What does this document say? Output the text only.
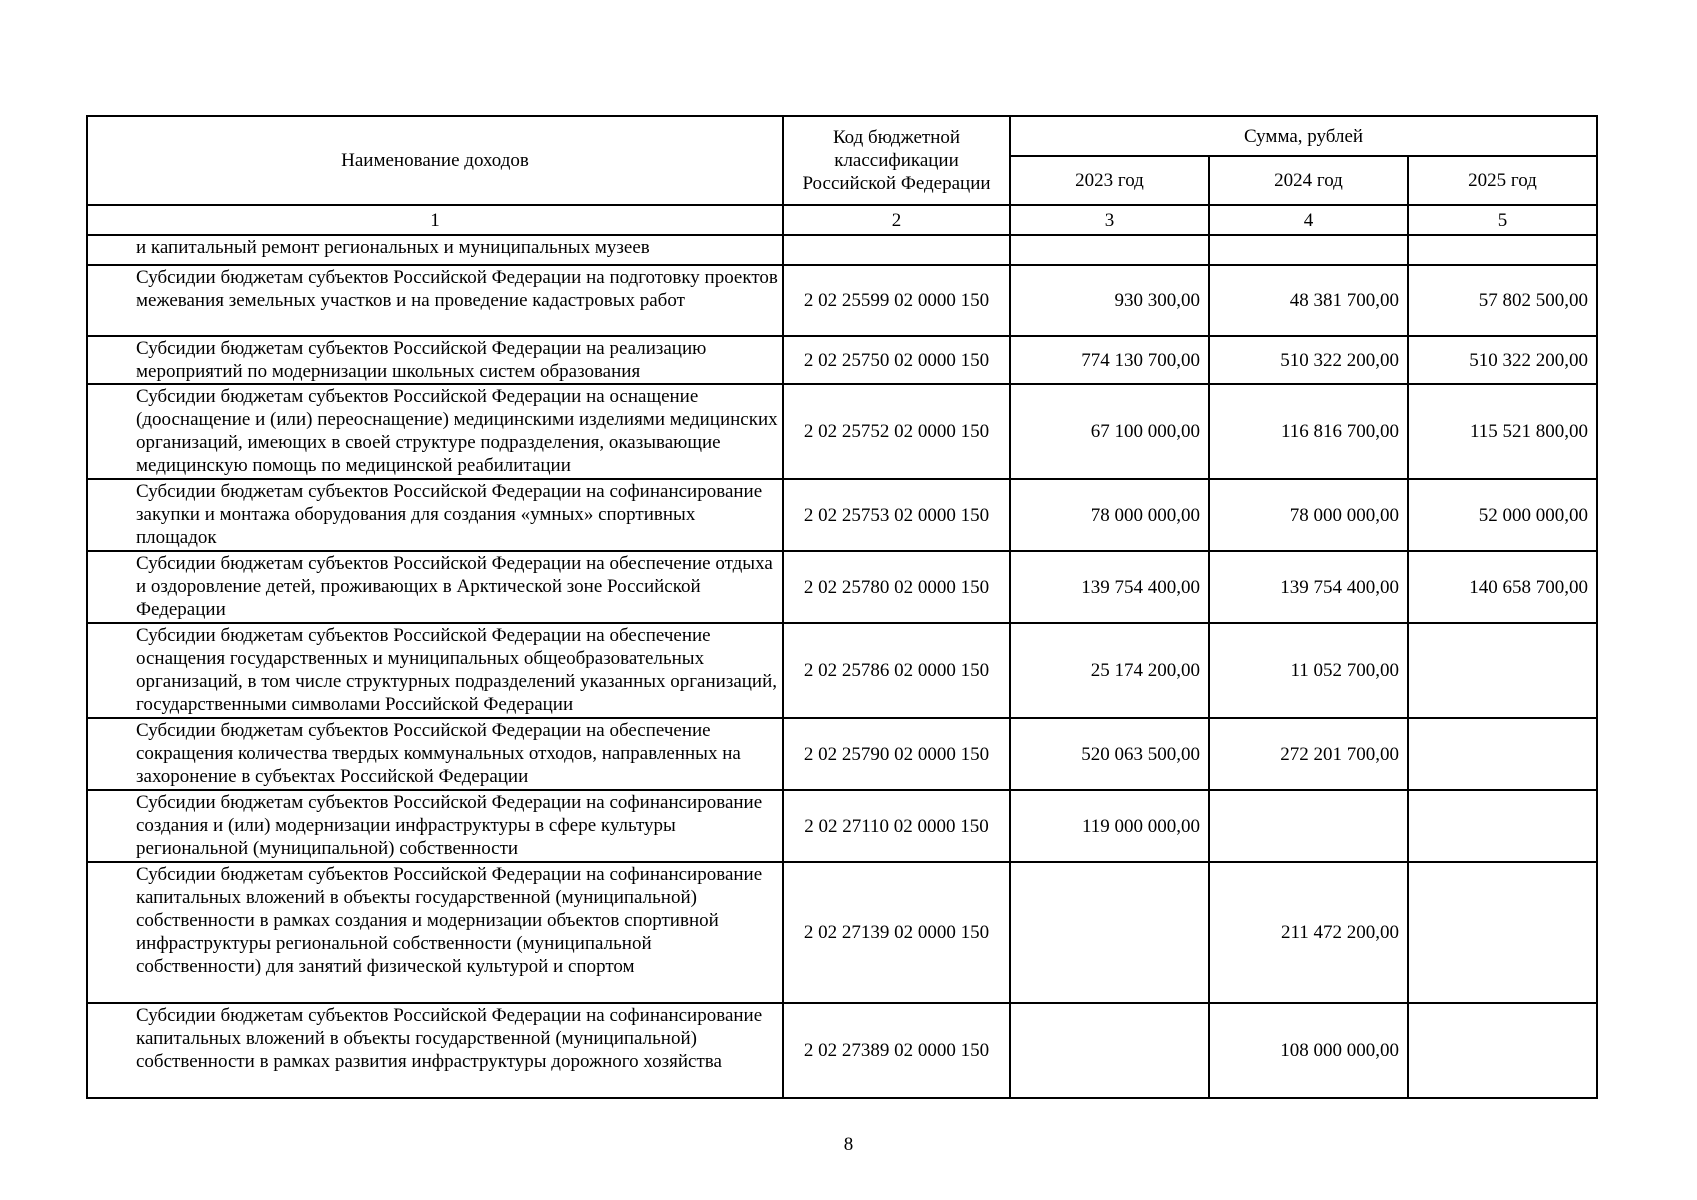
Наименование доходов	Код бюджетной классификации Российской Федерации	Сумма, рублей		
		2023 год	2024 год	2025 год
1	2	3	4	5
и капитальный ремонт региональных и муниципальных музеев				
Субсидии бюджетам субъектов Российской Федерации на подготовку проектов межевания земельных участков и на проведение кадастровых работ	2 02 25599 02 0000 150	930 300,00	48 381 700,00	57 802 500,00
Субсидии бюджетам субъектов Российской Федерации на реализацию мероприятий по модернизации школьных систем образования	2 02 25750 02 0000 150	774 130 700,00	510 322 200,00	510 322 200,00
Субсидии бюджетам субъектов Российской Федерации на оснащение (дооснащение и (или) переоснащение) медицинскими изделиями медицинских организаций, имеющих в своей структуре подразделения, оказывающие медицинскую помощь по медицинской реабилитации	2 02 25752 02 0000 150	67 100 000,00	116 816 700,00	115 521 800,00
Субсидии бюджетам субъектов Российской Федерации на софинансирование закупки и монтажа оборудования для создания «умных» спортивных площадок	2 02 25753 02 0000 150	78 000 000,00	78 000 000,00	52 000 000,00
Субсидии бюджетам субъектов Российской Федерации на обеспечение отдыха и оздоровление детей, проживающих в Арктической зоне Российской Федерации	2 02 25780 02 0000 150	139 754 400,00	139 754 400,00	140 658 700,00
Субсидии бюджетам субъектов Российской Федерации на обеспечение оснащения государственных и муниципальных общеобразовательных организаций, в том числе структурных подразделений указанных организаций, государственными символами Российской Федерации	2 02 25786 02 0000 150	25 174 200,00	11 052 700,00	
Субсидии бюджетам субъектов Российской Федерации на обеспечение сокращения количества твердых коммунальных отходов, направленных на захоронение в субъектах Российской Федерации	2 02 25790 02 0000 150	520 063 500,00	272 201 700,00	
Субсидии бюджетам субъектов Российской Федерации на софинансирование создания и (или) модернизации инфраструктуры в сфере культуры региональной (муниципальной) собственности	2 02 27110 02 0000 150	119 000 000,00		
Субсидии бюджетам субъектов Российской Федерации на софинансирование капитальных вложений в объекты государственной (муниципальной) собственности в рамках создания и модернизации объектов спортивной инфраструктуры региональной собственности (муниципальной собственности) для занятий физической культурой и спортом	2 02 27139 02 0000 150		211 472 200,00	
Субсидии бюджетам субъектов Российской Федерации на софинансирование капитальных вложений в объекты государственной (муниципальной) собственности в рамках развития инфраструктуры дорожного хозяйства	2 02 27389 02 0000 150		108 000 000,00	
8
